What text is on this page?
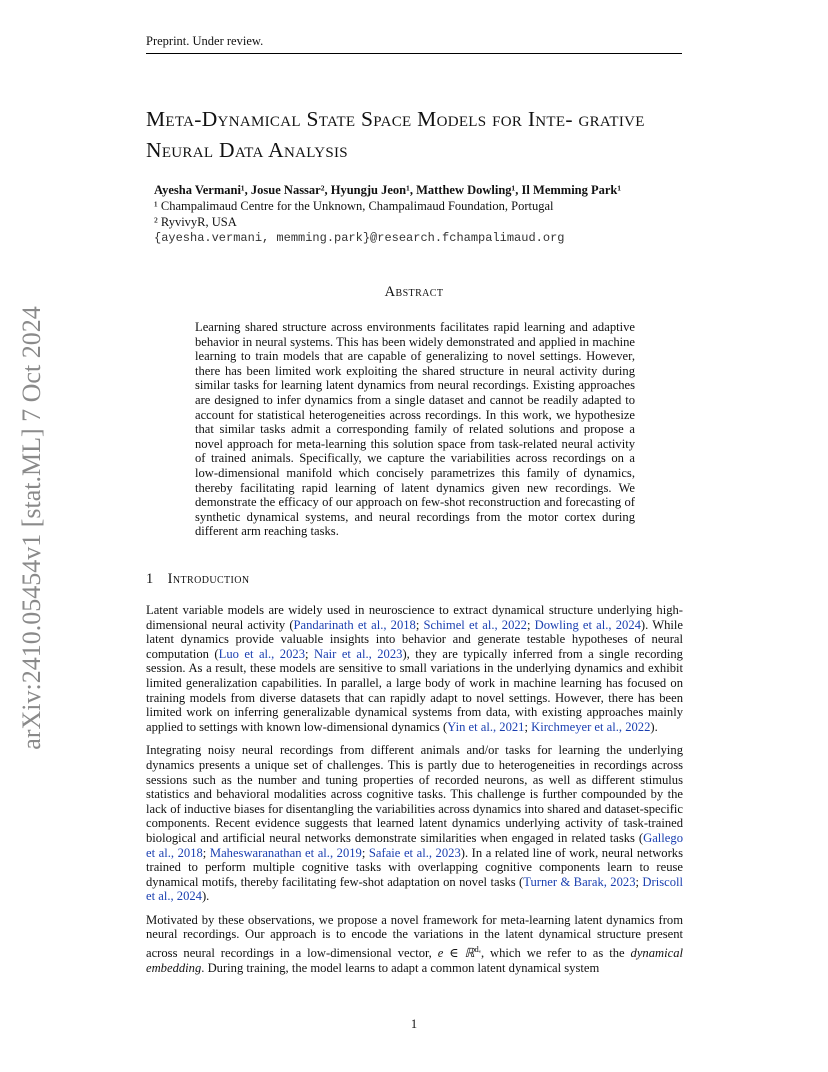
Preprint. Under review.
arXiv:2410.05454v1 [stat.ML] 7 Oct 2024
Meta-Dynamical State Space Models for Inte- grative Neural Data Analysis
Ayesha Vermani¹, Josue Nassar², Hyungju Jeon¹, Matthew Dowling¹, Il Memming Park¹
¹ Champalimaud Centre for the Unknown, Champalimaud Foundation, Portugal
² RyvivyR, USA
{ayesha.vermani, memming.park}@research.fchampalimaud.org
Abstract
Learning shared structure across environments facilitates rapid learning and adaptive behavior in neural systems. This has been widely demonstrated and applied in machine learning to train models that are capable of generalizing to novel settings. However, there has been limited work exploiting the shared structure in neural activity during similar tasks for learning latent dynamics from neural recordings. Existing approaches are designed to infer dynamics from a single dataset and cannot be readily adapted to account for statistical heterogeneities across recordings. In this work, we hypothesize that similar tasks admit a corresponding family of related solutions and propose a novel approach for meta-learning this solution space from task-related neural activity of trained animals. Specifically, we capture the variabilities across recordings on a low-dimensional manifold which concisely parametrizes this family of dynamics, thereby facilitating rapid learning of latent dynamics given new recordings. We demonstrate the efficacy of our approach on few-shot reconstruction and forecasting of synthetic dynamical systems, and neural recordings from the motor cortex during different arm reaching tasks.
1 Introduction

Latent variable models are widely used in neuroscience to extract dynamical structure underlying high-dimensional neural activity (Pandarinath et al., 2018; Schimel et al., 2022; Dowling et al., 2024). While latent dynamics provide valuable insights into behavior and generate testable hypotheses of neural computation (Luo et al., 2023; Nair et al., 2023), they are typically inferred from a single recording session. As a result, these models are sensitive to small variations in the underlying dynamics and exhibit limited generalization capabilities. In parallel, a large body of work in machine learning has focused on training models from diverse datasets that can rapidly adapt to novel settings. However, there has been limited work on inferring generalizable dynamical systems from data, with existing approaches mainly applied to settings with known low-dimensional dynamics (Yin et al., 2021; Kirchmeyer et al., 2022).

Integrating noisy neural recordings from different animals and/or tasks for learning the underlying dynamics presents a unique set of challenges. This is partly due to heterogeneities in recordings across sessions such as the number and tuning properties of recorded neurons, as well as different stimulus statistics and behavioral modalities across cognitive tasks. This challenge is further compounded by the lack of inductive biases for disentangling the variabilities across dynamics into shared and dataset-specific components. Recent evidence suggests that learned latent dynamics underlying activity of task-trained biological and artificial neural networks demonstrate similarities when engaged in related tasks (Gallego et al., 2018; Maheswaranathan et al., 2019; Safaie et al., 2023). In a related line of work, neural networks trained to perform multiple cognitive tasks with overlapping cognitive components learn to reuse dynamical motifs, thereby facilitating few-shot adaptation on novel tasks (Turner & Barak, 2023; Driscoll et al., 2024).

Motivated by these observations, we propose a novel framework for meta-learning latent dynamics from neural recordings. Our approach is to encode the variations in the latent dynamical structure present across neural recordings in a low-dimensional vector, e ∈ ℝ$^{d_e}$, which we refer to as the dynamical embedding. During training, the model learns to adapt a common latent dynamical system

1
